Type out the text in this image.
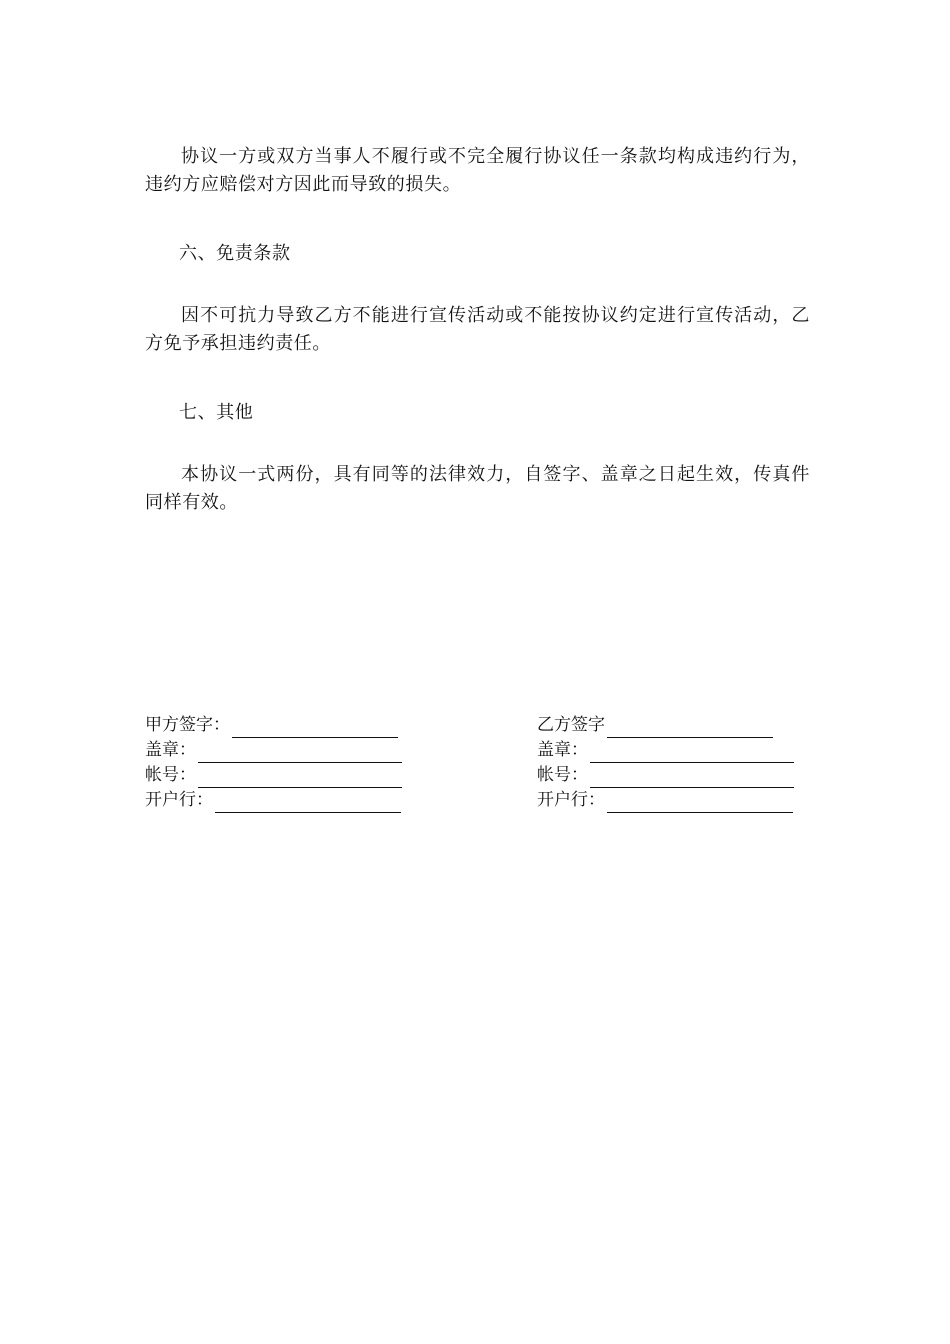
协议一方或双方当事人不履行或不完全履行协议任一条款均构成违约行为，违约方应赔偿对方因此而导致的损失。

六、免责条款

因不可抗力导致乙方不能进行宣传活动或不能按协议约定进行宣传活动，乙方免予承担违约责任。

七、其他

本协议一式两份，具有同等的法律效力，自签字、盖章之日起生效，传真件同样有效。

甲方签字：
盖章：
帐号：
开户行：
乙方签字
盖章：
帐号：
开户行：
